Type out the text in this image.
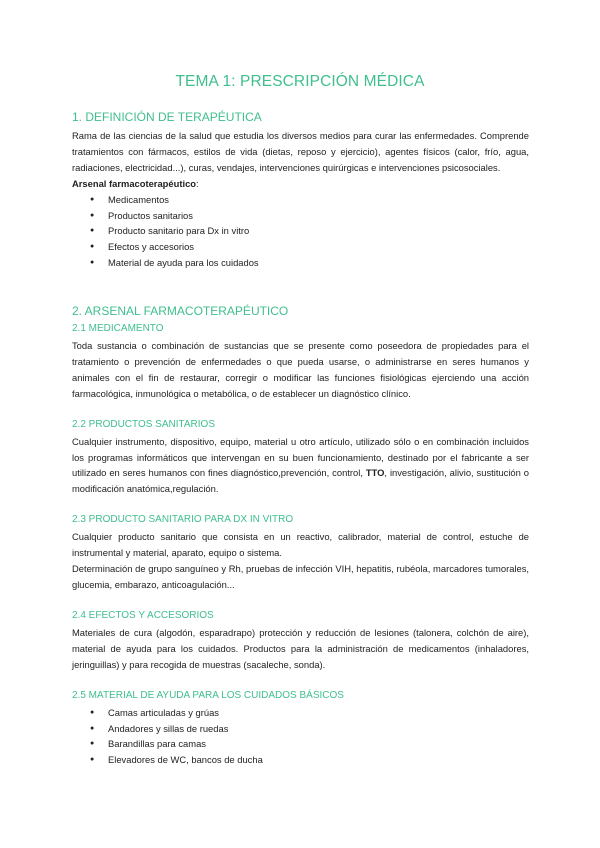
TEMA 1: PRESCRIPCIÓN MÉDICA
1. DEFINICIÓN DE TERAPÉUTICA

Rama de las ciencias de la salud que estudia los diversos medios para curar las enfermedades. Comprende tratamientos con fármacos, estilos de vida (dietas, reposo y ejercicio), agentes físicos (calor, frío, agua, radiaciones, electricidad...), curas, vendajes, intervenciones quirúrgicas e intervenciones psicosociales.

Arsenal farmacoterapéutico:

● Medicamentos
● Productos sanitarios
● Producto sanitario para Dx in vitro
● Efectos y accesorios
● Material de ayuda para los cuidados
2. ARSENAL FARMACOTERAPÉUTICO
2.1 MEDICAMENTO

Toda sustancia o combinación de sustancias que se presente como poseedora de propiedades para el tratamiento o prevención de enfermedades o que pueda usarse, o administrarse en seres humanos y animales con el fin de restaurar, corregir o modificar las funciones fisiológicas ejerciendo una acción farmacológica, inmunológica o metabólica, o de establecer un diagnóstico clínico.

2.2 PRODUCTOS SANITARIOS

Cualquier instrumento, dispositivo, equipo, material u otro artículo, utilizado sólo o en combinación incluidos los programas informáticos que intervengan en su buen funcionamiento, destinado por el fabricante a ser utilizado en seres humanos con fines diagnóstico,prevención, control, TTO, investigación, alivio, sustitución o modificación anatómica,regulación.

2.3 PRODUCTO SANITARIO PARA DX IN VITRO

Cualquier producto sanitario que consista en un reactivo, calibrador, material de control, estuche de instrumental y material, aparato, equipo o sistema.

Determinación de grupo sanguíneo y Rh, pruebas de infección VIH, hepatitis, rubéola, marcadores tumorales, glucemia, embarazo, anticoagulación...

2.4 EFECTOS Y ACCESORIOS

Materiales de cura (algodón, esparadrapo) protección y reducción de lesiones (talonera, colchón de aire), material de ayuda para los cuidados. Productos para la administración de medicamentos (inhaladores, jeringuillas) y para recogida de muestras (sacaleche, sonda).

2.5 MATERIAL DE AYUDA PARA LOS CUIDADOS BÁSICOS
● Camas articuladas y grúas
● Andadores y sillas de ruedas
● Barandillas para camas
● Elevadores de WC, bancos de ducha
